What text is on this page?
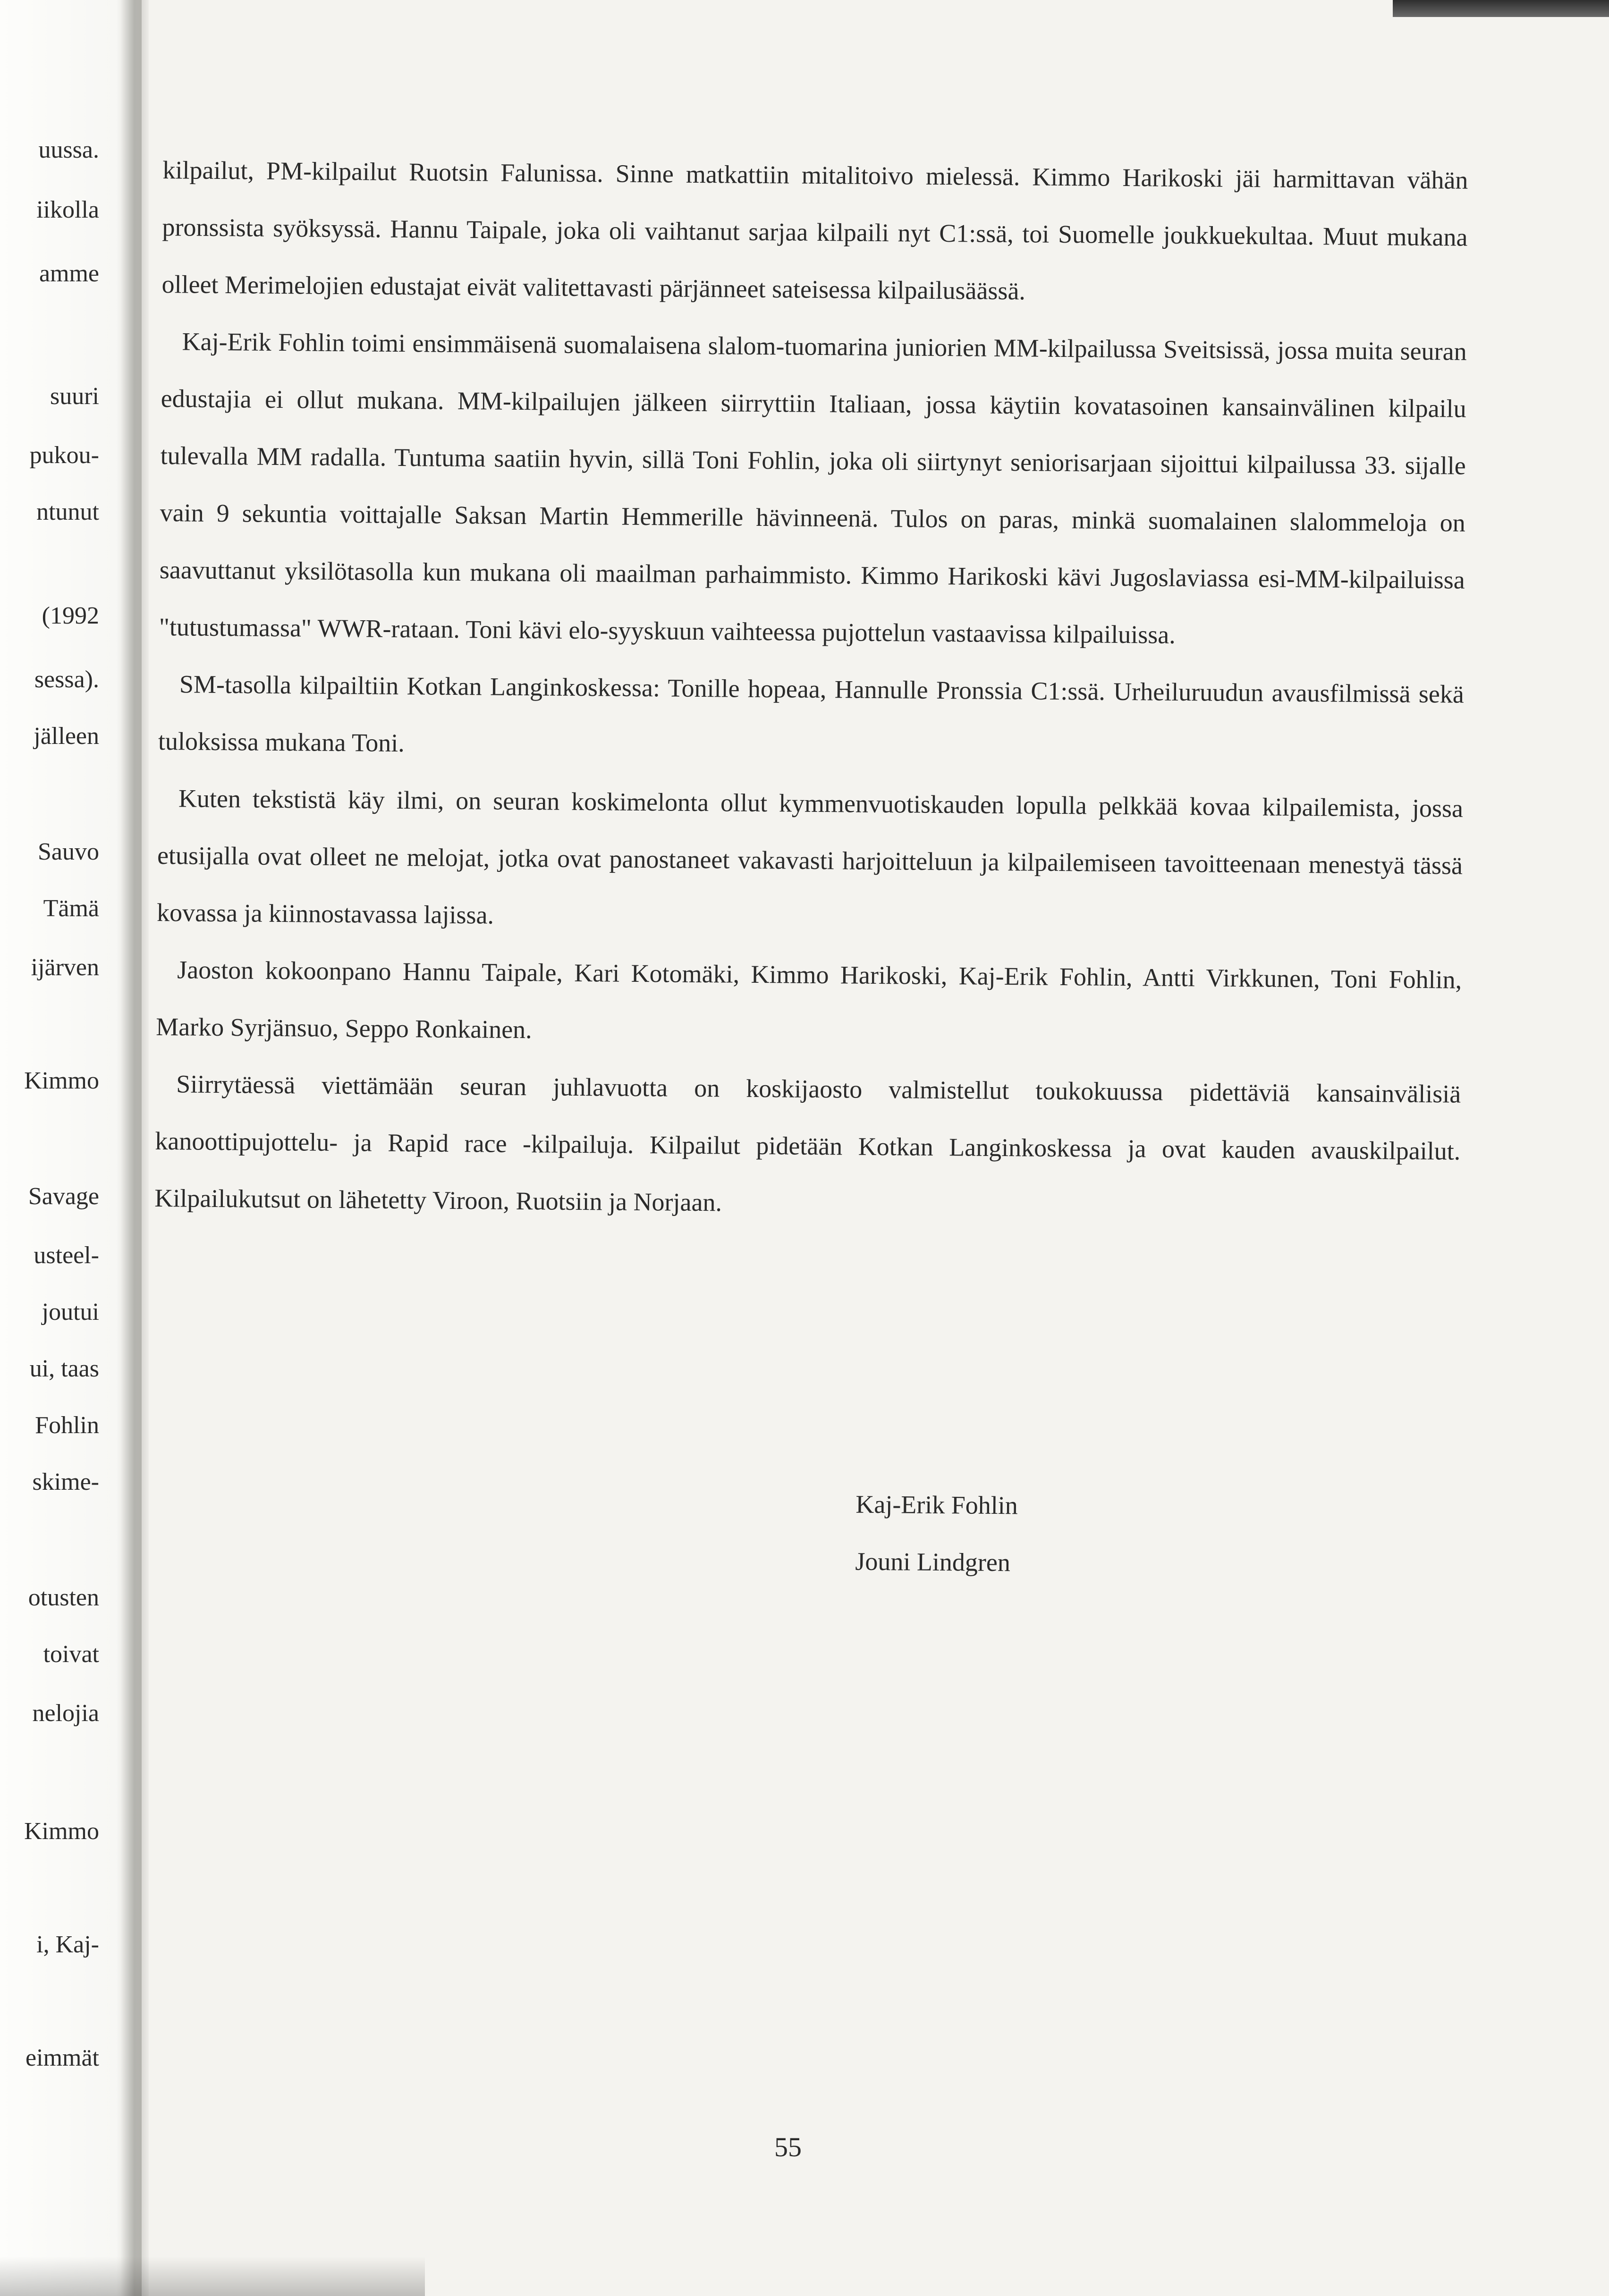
uussa.
iikolla
amme
suuri
pukou-
ntunut
(1992
sessa).
jälleen
Sauvo
Tämä
ijärven
Kimmo
Savage
usteel-
joutui
ui, taas
Fohlin
skime-
otusten
toivat
nelojia
Kimmo
i, Kaj-
eimmät

kilpailut, PM-kilpailut Ruotsin Falunissa. Sinne matkattiin mitalitoivo mielessä. Kimmo Harikoski jäi harmittavan vähän pronssista syöksyssä. Hannu Taipale, joka oli vaihtanut sarjaa kilpaili nyt C1:ssä, toi Suomelle joukkuekultaa. Muut mukana olleet Merimelojien edustajat eivät valitettavasti pärjänneet sateisessa kilpailusäässä.

Kaj-Erik Fohlin toimi ensimmäisenä suomalaisena slalom-tuomarina juniorien MM-kilpailussa Sveitsissä, jossa muita seuran edustajia ei ollut mukana. MM-kilpailujen jälkeen siirryttiin Italiaan, jossa käytiin kovatasoinen kansainvälinen kilpailu tulevalla MM radalla. Tuntuma saatiin hyvin, sillä Toni Fohlin, joka oli siirtynyt seniorisarjaan sijoittui kilpailussa 33. sijalle vain 9 sekuntia voittajalle Saksan Martin Hemmerille hävinneenä. Tulos on paras, minkä suomalainen slalommeloja on saavuttanut yksilötasolla kun mukana oli maailman parhaimmisto. Kimmo Harikoski kävi Jugoslaviassa esi-MM-kilpailuissa "tutustumassa" WWR-rataan. Toni kävi elo-syyskuun vaihteessa pujottelun vastaavissa kilpailuissa.

SM-tasolla kilpailtiin Kotkan Langinkoskessa: Tonille hopeaa, Hannulle Pronssia C1:ssä. Urheiluruudun avausfilmissä sekä tuloksissa mukana Toni.

Kuten tekstistä käy ilmi, on seuran koskimelonta ollut kymmenvuotiskauden lopulla pelkkää kovaa kilpailemista, jossa etusijalla ovat olleet ne melojat, jotka ovat panostaneet vakavasti harjoitteluun ja kilpailemiseen tavoitteenaan menestyä tässä kovassa ja kiinnostavassa lajissa.

Jaoston kokoonpano Hannu Taipale, Kari Kotomäki, Kimmo Harikoski, Kaj-Erik Fohlin, Antti Virkkunen, Toni Fohlin, Marko Syrjänsuo, Seppo Ronkainen.

Siirrytäessä viettämään seuran juhlavuotta on koskijaosto valmistellut toukokuussa pidettäviä kansainvälisiä kanoottipujottelu- ja Rapid race -kilpailuja. Kilpailut pidetään Kotkan Langinkoskessa ja ovat kauden avauskilpailut. Kilpailukutsut on lähetetty Viroon, Ruotsiin ja Norjaan.

Kaj-Erik Fohlin
Jouni Lindgren
55
